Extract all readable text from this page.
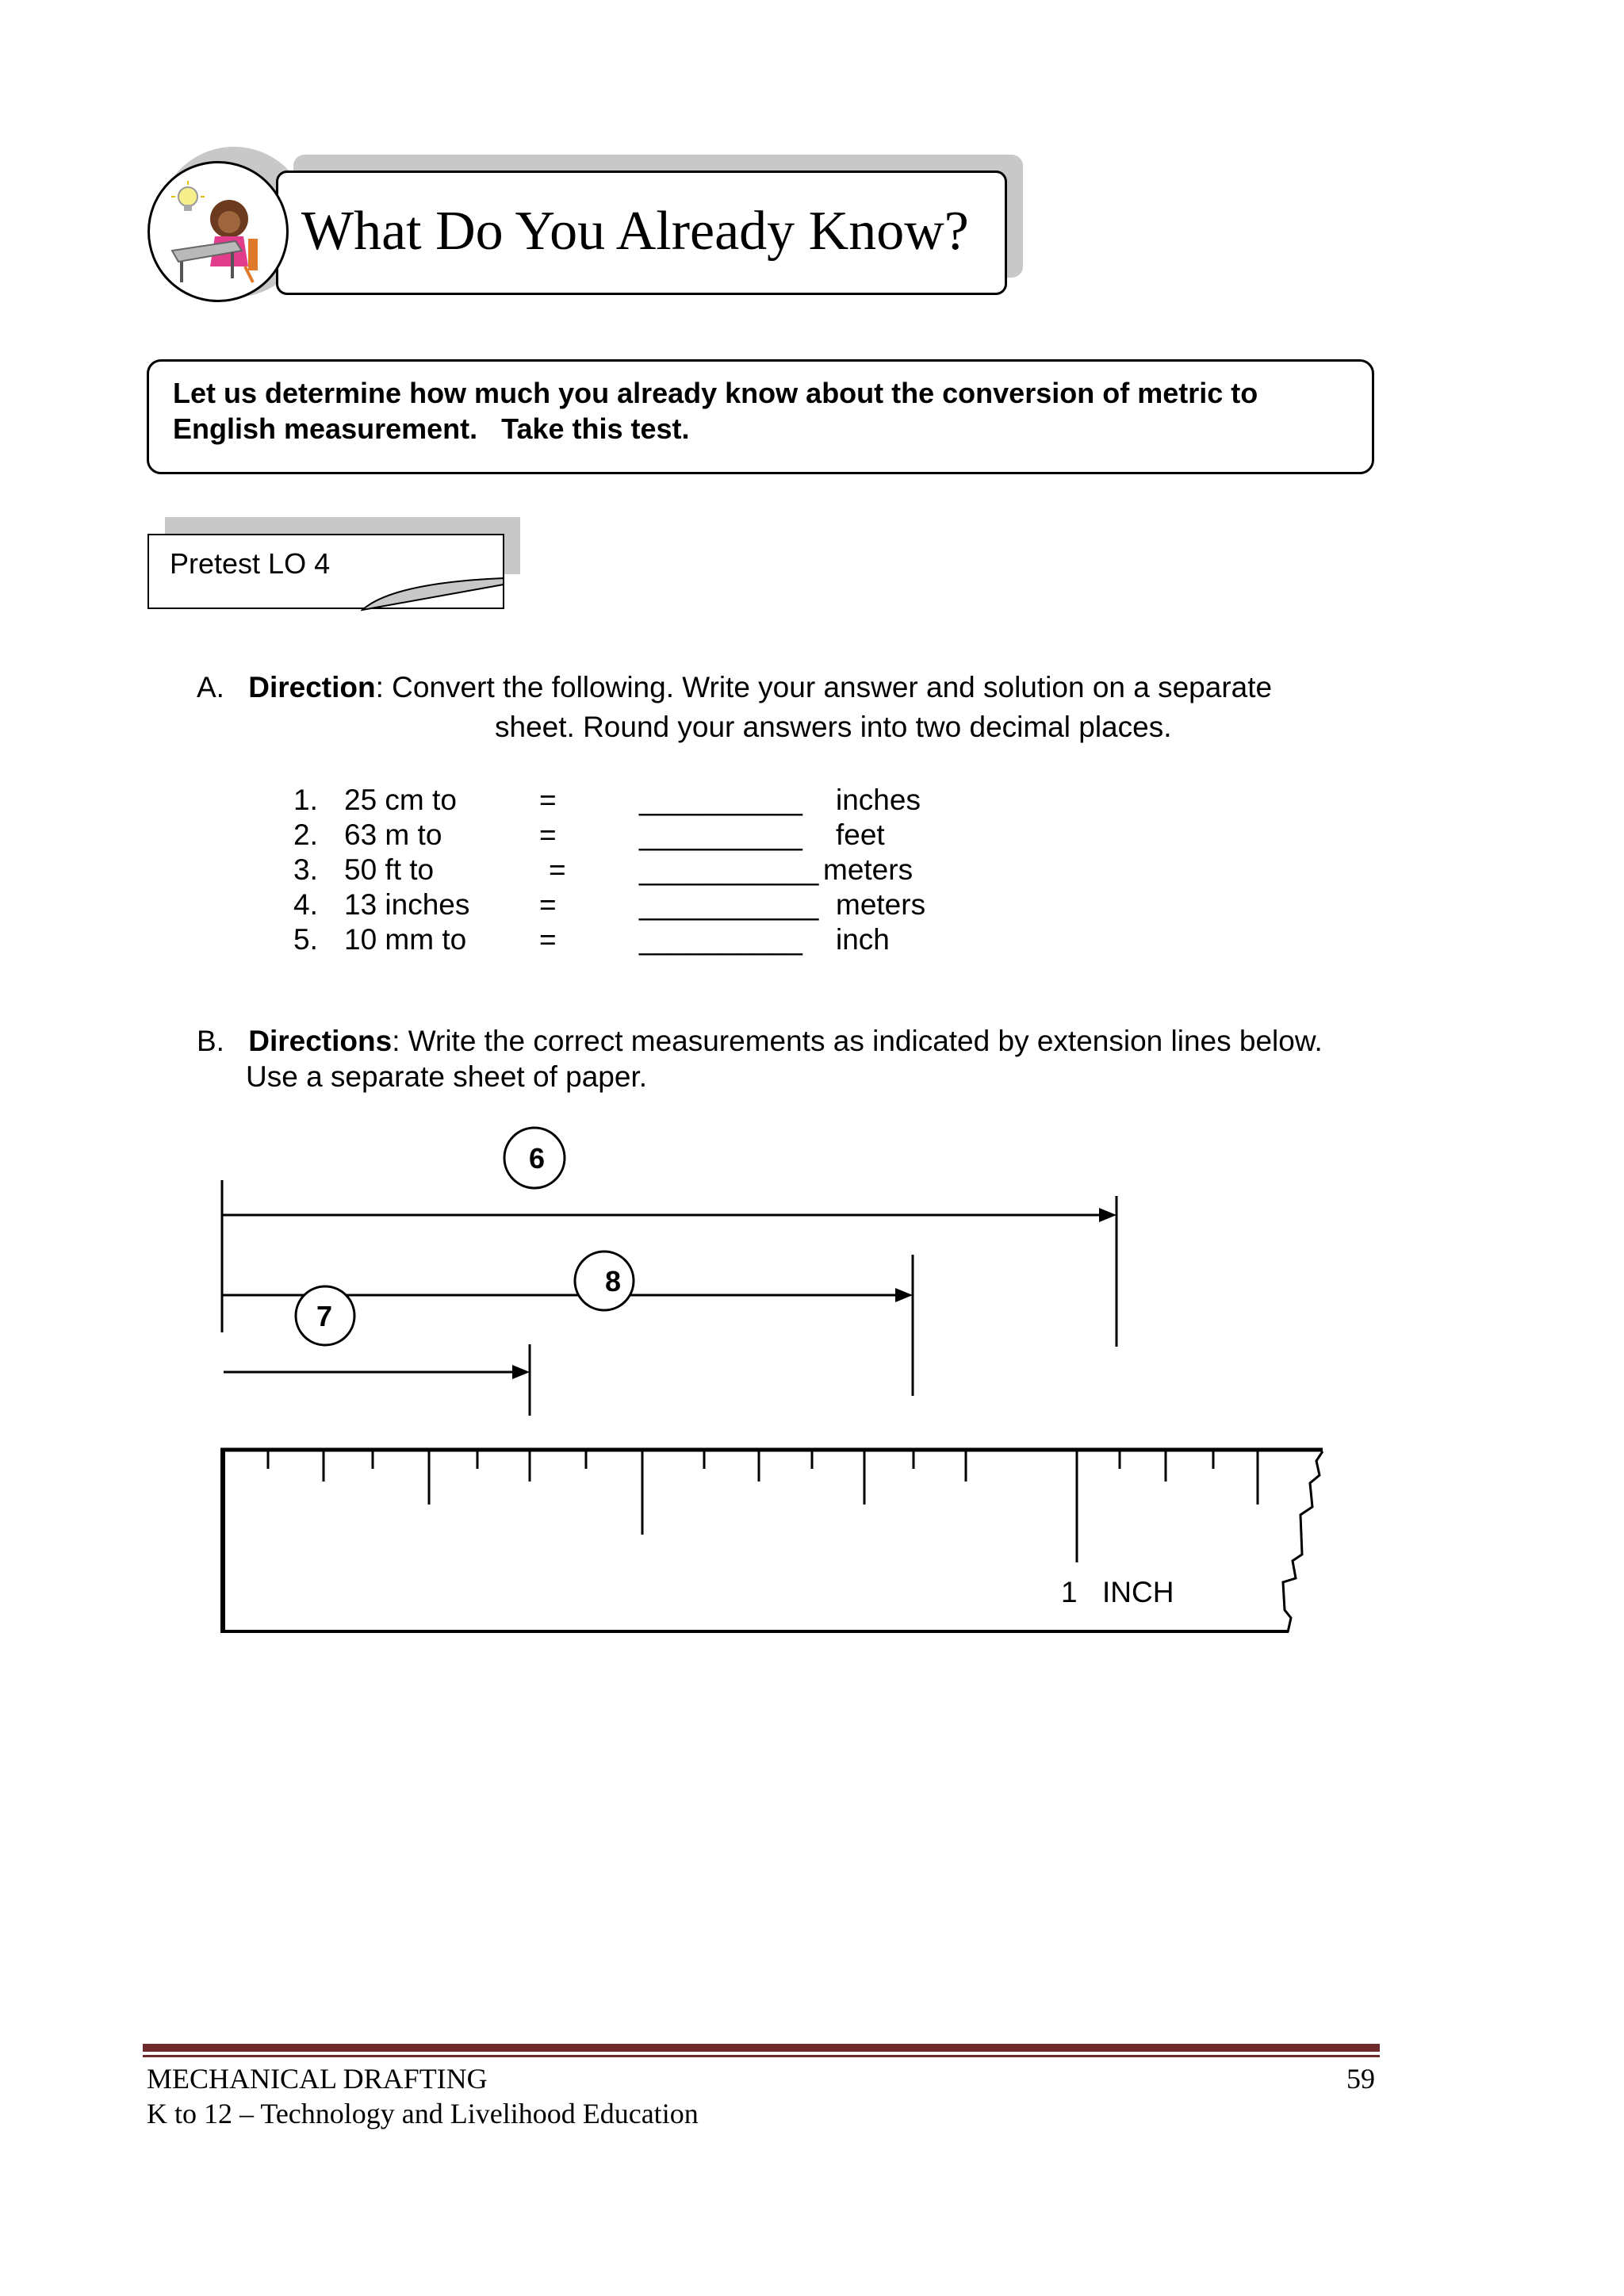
What Do You Already Know?
Let us determine how much you already know about the conversion of metric to
English measurement.   Take this test.
Pretest LO 4
A. Direction: Convert the following. Write your answer and solution on a separate
sheet. Round your answers into two decimal places.
1. 25 cm to	=	__________ inches
2. 63 m to	=	__________ feet
3. 50 ft to	= ___________ meters
4. 13 inches =	___________ meters
5. 10 mm to =	__________ inch
B. Directions: Write the correct measurements as indicated by extension lines below.
Use a separate sheet of paper.
6
7
8
1 INCH
MECHANICAL DRAFTING	59
K to 12 – Technology and Livelihood Education
